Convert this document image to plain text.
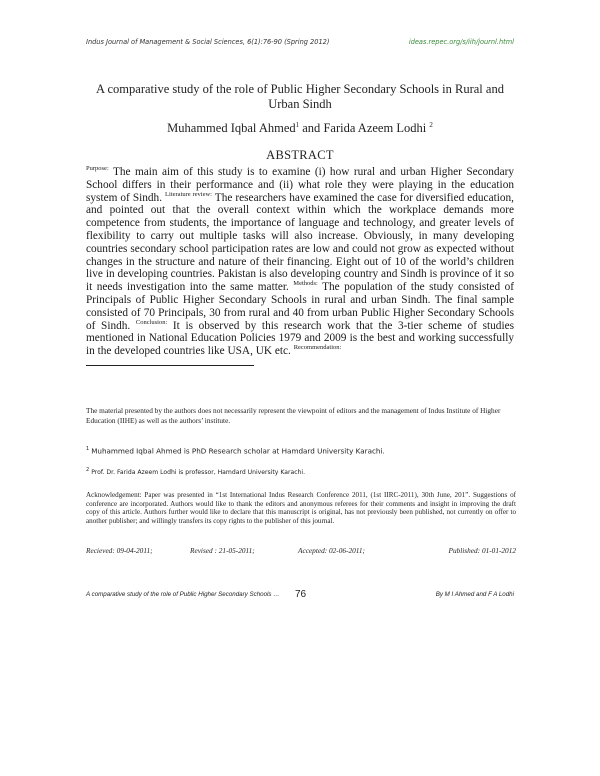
Indus Journal of Management & Social Sciences, 6(1):76-90 (Spring 2012)	ideas.repec.org/s/iih/journl.html
A comparative study of the role of Public Higher Secondary Schools in Rural and Urban Sindh
Muhammed Iqbal Ahmed$^1$ and Farida Azeem Lodhi $^2$
ABSTRACT
$^{Purpose:}$ The main aim of this study is to examine (i) how rural and urban Higher Secondary School differs in their performance and (ii) what role they were playing in the education system of Sindh. $^{Literature review:}$ The researchers have examined the case for diversified education, and pointed out that the overall context within which the workplace demands more competence from students, the importance of language and technology, and greater levels of flexibility to carry out multiple tasks will also increase. Obviously, in many developing countries secondary school participation rates are low and could not grow as expected without changes in the structure and nature of their financing. Eight out of 10 of the world’s children live in developing countries. Pakistan is also developing country and Sindh is province of it so it needs investigation into the same matter. $^{Methods:}$ The population of the study consisted of Principals of Public Higher Secondary Schools in rural and urban Sindh. The final sample consisted of 70 Principals, 30 from rural and 40 from urban Public Higher Secondary Schools of Sindh. $^{Conclusion:}$ It is observed by this research work that the 3-tier scheme of studies mentioned in National Education Policies 1979 and 2009 is the best and working successfully in the developed countries like USA, UK etc. $^{Recommendation:}$
The material presented by the authors does not necessarily represent the viewpoint of editors and the management of Indus Institute of Higher Education (IIHE) as well as the authors’ institute.
$^1$ Muhammed Iqbal Ahmed is PhD Research scholar at Hamdard University Karachi.
$^2$ Prof. Dr. Farida Azeem Lodhi is professor, Hamdard University Karachi.
Acknowledgement: Paper was presented in “1st International Indus Research Conference 2011, (1st IIRC-2011), 30th June, 201”. Suggestions of conference are incorporated. Authors would like to thank the editors and anonymous referees for their comments and insight in improving the draft copy of this article. Authors further would like to declare that this manuscript is original, has not previously been published, not currently on offer to another publisher; and willingly transfers its copy rights to the publisher of this journal.
Recieved: 09-04-2011;	Revised : 21-05-2011;	Accepted: 02-06-2011;	Published: 01-01-2012
A comparative study of the role of Public Higher Secondary Schools … 76	By M I Ahmed and F A Lodhi
